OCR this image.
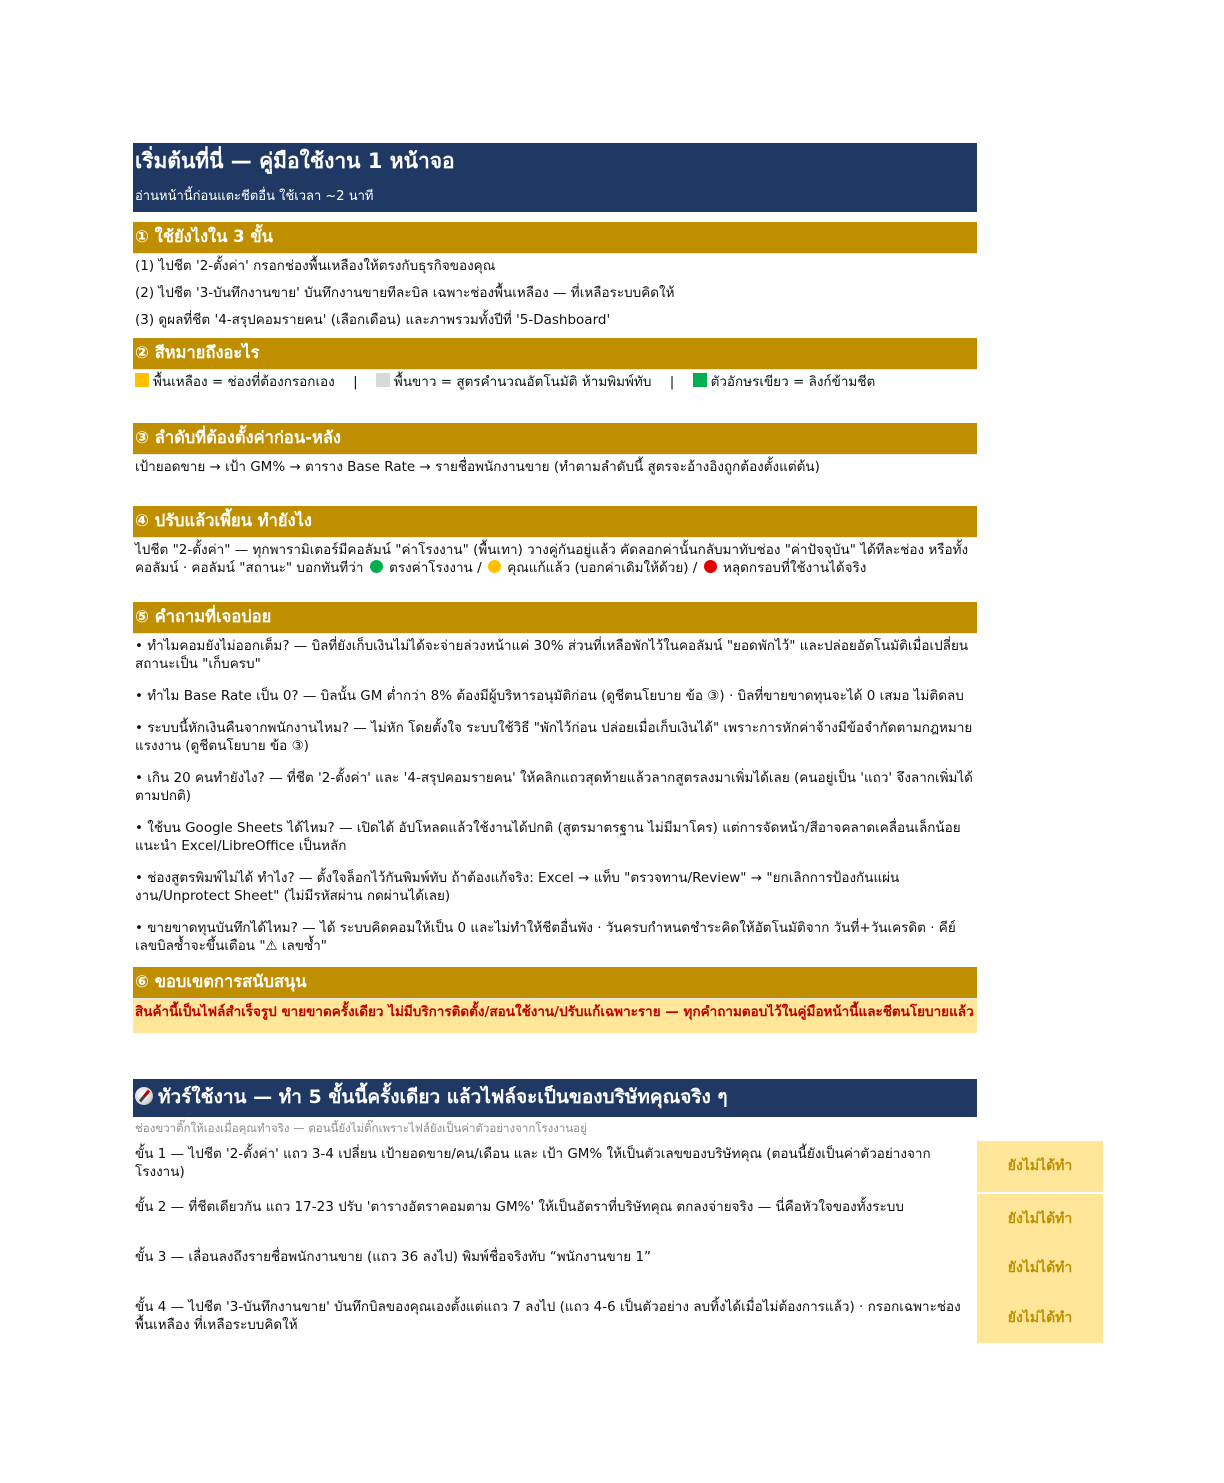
เริ่มต้นที่นี่ — คู่มือใช้งาน 1 หน้าจอ
อ่านหน้านี้ก่อนแตะชีตอื่น ใช้เวลา ~2 นาที
① ใช้ยังไงใน 3 ขั้น
(1) ไปชีต '2-ตั้งค่า' กรอกช่องพื้นเหลืองให้ตรงกับธุรกิจของคุณ
(2) ไปชีต '3-บันทึกงานขาย' บันทึกงานขายทีละบิล เฉพาะช่องพื้นเหลือง — ที่เหลือระบบคิดให้
(3) ดูผลที่ชีต '4-สรุปคอมรายคน' (เลือกเดือน) และภาพรวมทั้งปีที่ '5-Dashboard'
② สีหมายถึงอะไร
พื้นเหลือง = ช่องที่ต้องกรอกเอง |	พื้นขาว = สูตรคำนวณอัตโนมัติ ห้ามพิมพ์ทับ |	ตัวอักษรเขียว = ลิงก์ข้ามชีต
③ ลำดับที่ต้องตั้งค่าก่อน-หลัง
เป้ายอดขาย → เป้า GM% → ตาราง Base Rate → รายชื่อพนักงานขาย (ทำตามลำดับนี้ สูตรจะอ้างอิงถูกต้องตั้งแต่ต้น)
④ ปรับแล้วเพี้ยน ทำยังไง
ไปชีต "2-ตั้งค่า" — ทุกพารามิเตอร์มีคอลัมน์ "ค่าโรงงาน" (พื้นเทา) วางคู่กันอยู่แล้ว คัดลอกค่านั้นกลับมาทับช่อง "ค่าปัจจุบัน" ได้ทีละช่อง หรือทั้งคอลัมน์ · คอลัมน์ "สถานะ" บอกทันทีว่า ตรงค่าโรงงาน / คุณแก้แล้ว (บอกค่าเดิมให้ด้วย) / หลุดกรอบที่ใช้งานได้จริง
⑤ คำถามที่เจอบ่อย
• ทำไมคอมยังไม่ออกเต็ม? — บิลที่ยังเก็บเงินไม่ได้จะจ่ายล่วงหน้าแค่ 30% ส่วนที่เหลือพักไว้ในคอลัมน์ "ยอดพักไว้" และปล่อยอัตโนมัติเมื่อเปลี่ยนสถานะเป็น "เก็บครบ"
• ทำไม Base Rate เป็น 0? — บิลนั้น GM ต่ำกว่า 8% ต้องมีผู้บริหารอนุมัติก่อน (ดูชีตนโยบาย ข้อ ③) · บิลที่ขายขาดทุนจะได้ 0 เสมอ ไม่ติดลบ
• ระบบนี้หักเงินคืนจากพนักงานไหม? — ไม่หัก โดยตั้งใจ ระบบใช้วิธี "พักไว้ก่อน ปล่อยเมื่อเก็บเงินได้" เพราะการหักค่าจ้างมีข้อจำกัดตามกฎหมายแรงงาน (ดูชีตนโยบาย ข้อ ③)
• เกิน 20 คนทำยังไง? — ที่ชีต '2-ตั้งค่า' และ '4-สรุปคอมรายคน' ให้คลิกแถวสุดท้ายแล้วลากสูตรลงมาเพิ่มได้เลย (คนอยู่เป็น 'แถว' จึงลากเพิ่มได้ตามปกติ)
• ใช้บน Google Sheets ได้ไหม? — เปิดได้ อัปโหลดแล้วใช้งานได้ปกติ (สูตรมาตรฐาน ไม่มีมาโคร) แต่การจัดหน้า/สีอาจคลาดเคลื่อนเล็กน้อย แนะนำ Excel/LibreOffice เป็นหลัก
• ช่องสูตรพิมพ์ไม่ได้ ทำไง? — ตั้งใจล็อกไว้กันพิมพ์ทับ ถ้าต้องแก้จริง: Excel → แท็บ "ตรวจทาน/Review" → "ยกเลิกการป้องกันแผ่นงาน/Unprotect Sheet" (ไม่มีรหัสผ่าน กดผ่านได้เลย)
• ขายขาดทุนบันทึกได้ไหม? — ได้ ระบบคิดคอมให้เป็น 0 และไม่ทำให้ชีตอื่นพัง · วันครบกำหนดชำระคิดให้อัตโนมัติจาก วันที่+วันเครดิต · คีย์เลขบิลซ้ำจะขึ้นเตือน "⚠ เลขซ้ำ"
⑥ ขอบเขตการสนับสนุน
สินค้านี้เป็นไฟล์สำเร็จรูป ขายขาดครั้งเดียว ไม่มีบริการติดตั้ง/สอนใช้งาน/ปรับแก้เฉพาะราย — ทุกคำถามตอบไว้ในคู่มือหน้านี้และชีตนโยบายแล้ว
ทัวร์ใช้งาน — ทำ 5 ขั้นนี้ครั้งเดียว แล้วไฟล์จะเป็นของบริษัทคุณจริง ๆ
ช่องขวาติ๊กให้เองเมื่อคุณทำจริง — ตอนนี้ยังไม่ติ๊กเพราะไฟล์ยังเป็นค่าตัวอย่างจากโรงงานอยู่
ขั้น 1 — ไปชีต '2-ตั้งค่า' แถว 3-4 เปลี่ยน เป้ายอดขาย/คน/เดือน และ เป้า GM% ให้เป็นตัวเลขของบริษัทคุณ (ตอนนี้ยังเป็นค่าตัวอย่างจากโรงงาน)	ยังไม่ได้ทำ
ขั้น 2 — ที่ชีตเดียวกัน แถว 17-23 ปรับ 'ตารางอัตราคอมตาม GM%' ให้เป็นอัตราที่บริษัทคุณ ตกลงจ่ายจริง — นี่คือหัวใจของทั้งระบบ
ยังไม่ได้ทำ
ขั้น 3 — เลื่อนลงถึงรายชื่อพนักงานขาย (แถว 36 ลงไป) พิมพ์ชื่อจริงทับ “พนักงานขาย 1”
ยังไม่ได้ทำ
ขั้น 4 — ไปชีต '3-บันทึกงานขาย' บันทึกบิลของคุณเองตั้งแต่แถว 7 ลงไป (แถว 4-6 เป็นตัวอย่าง ลบทิ้งได้เมื่อไม่ต้องการแล้ว) · กรอกเฉพาะช่องพื้นเหลือง ที่เหลือระบบคิดให้	ยังไม่ได้ทำ
